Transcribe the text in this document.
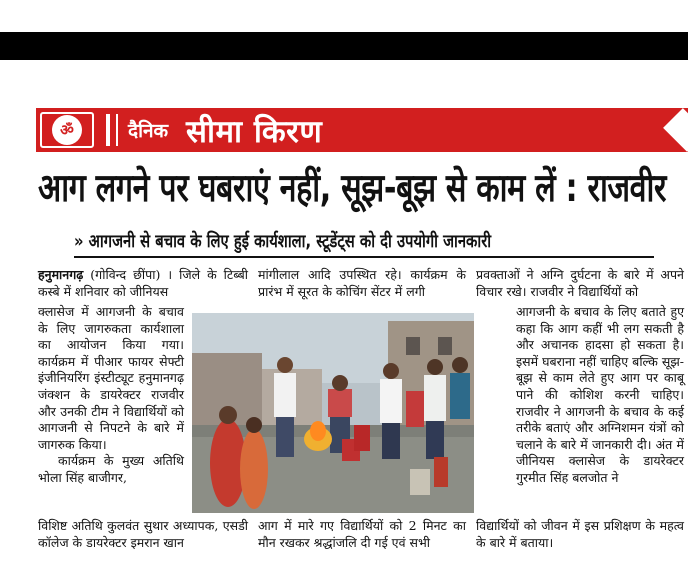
ॐ	दैनिक सीमा किरण
आग लगने पर घबराएं नहीं, सूझ-बूझ से काम लें : राजवीर
» आगजनी से बचाव के लिए हुई कार्यशाला, स्टूडेंट्स को दी उपयोगी जानकारी
हनुमानगढ़ (गोविन्द छींपा) । जिले के टिब्बी कस्बे में शनिवार को जीनियस

क्लासेज में आगजनी के बचाव के लिए जागरुकता कार्यशाला का आयोजन किया गया। कार्यक्रम में पीआर फायर सेफ्टी इंजीनियरिंग इंस्टीट्यूट हनुमानगढ़ जंक्शन के डायरेक्टर राजवीर और उनकी टीम ने विद्यार्थियों को आगजनी से निपटने के बारे में जागरुक किया।

कार्यक्रम के मुख्य अतिथि भोला सिंह बाजीगर,

विशिष्ट अतिथि कुलवंत सुथार अध्यापक, एसडी कॉलेज के डायरेक्टर इमरान खान

मांगीलाल आदि उपस्थित रहे। कार्यक्रम के प्रारंभ में सूरत के कोचिंग सेंटर में लगी

आग में मारे गए विद्यार्थियों को 2 मिनट का मौन रखकर श्रद्धांजलि दी गई एवं सभी

प्रवक्ताओं ने अग्नि दुर्घटना के बारे में अपने विचार रखे। राजवीर ने विद्यार्थियों को

आगजनी के बचाव के लिए बताते हुए कहा कि आग कहीं भी लग सकती है और अचानक हादसा हो सकता है। इसमें घबराना नहीं चाहिए बल्कि सूझ-बूझ से काम लेते हुए आग पर काबू पाने की कोशिश करनी चाहिए। राजवीर ने आगजनी के बचाव के कई तरीके बताएं और अग्निशमन यंत्रों को चलाने के बारे में जानकारी दी। अंत में जीनियस क्लासेज के डायरेक्टर गुरमीत सिंह बलजोत ने

विद्यार्थियों को जीवन में इस प्रशिक्षण के महत्व के बारे में बताया।
